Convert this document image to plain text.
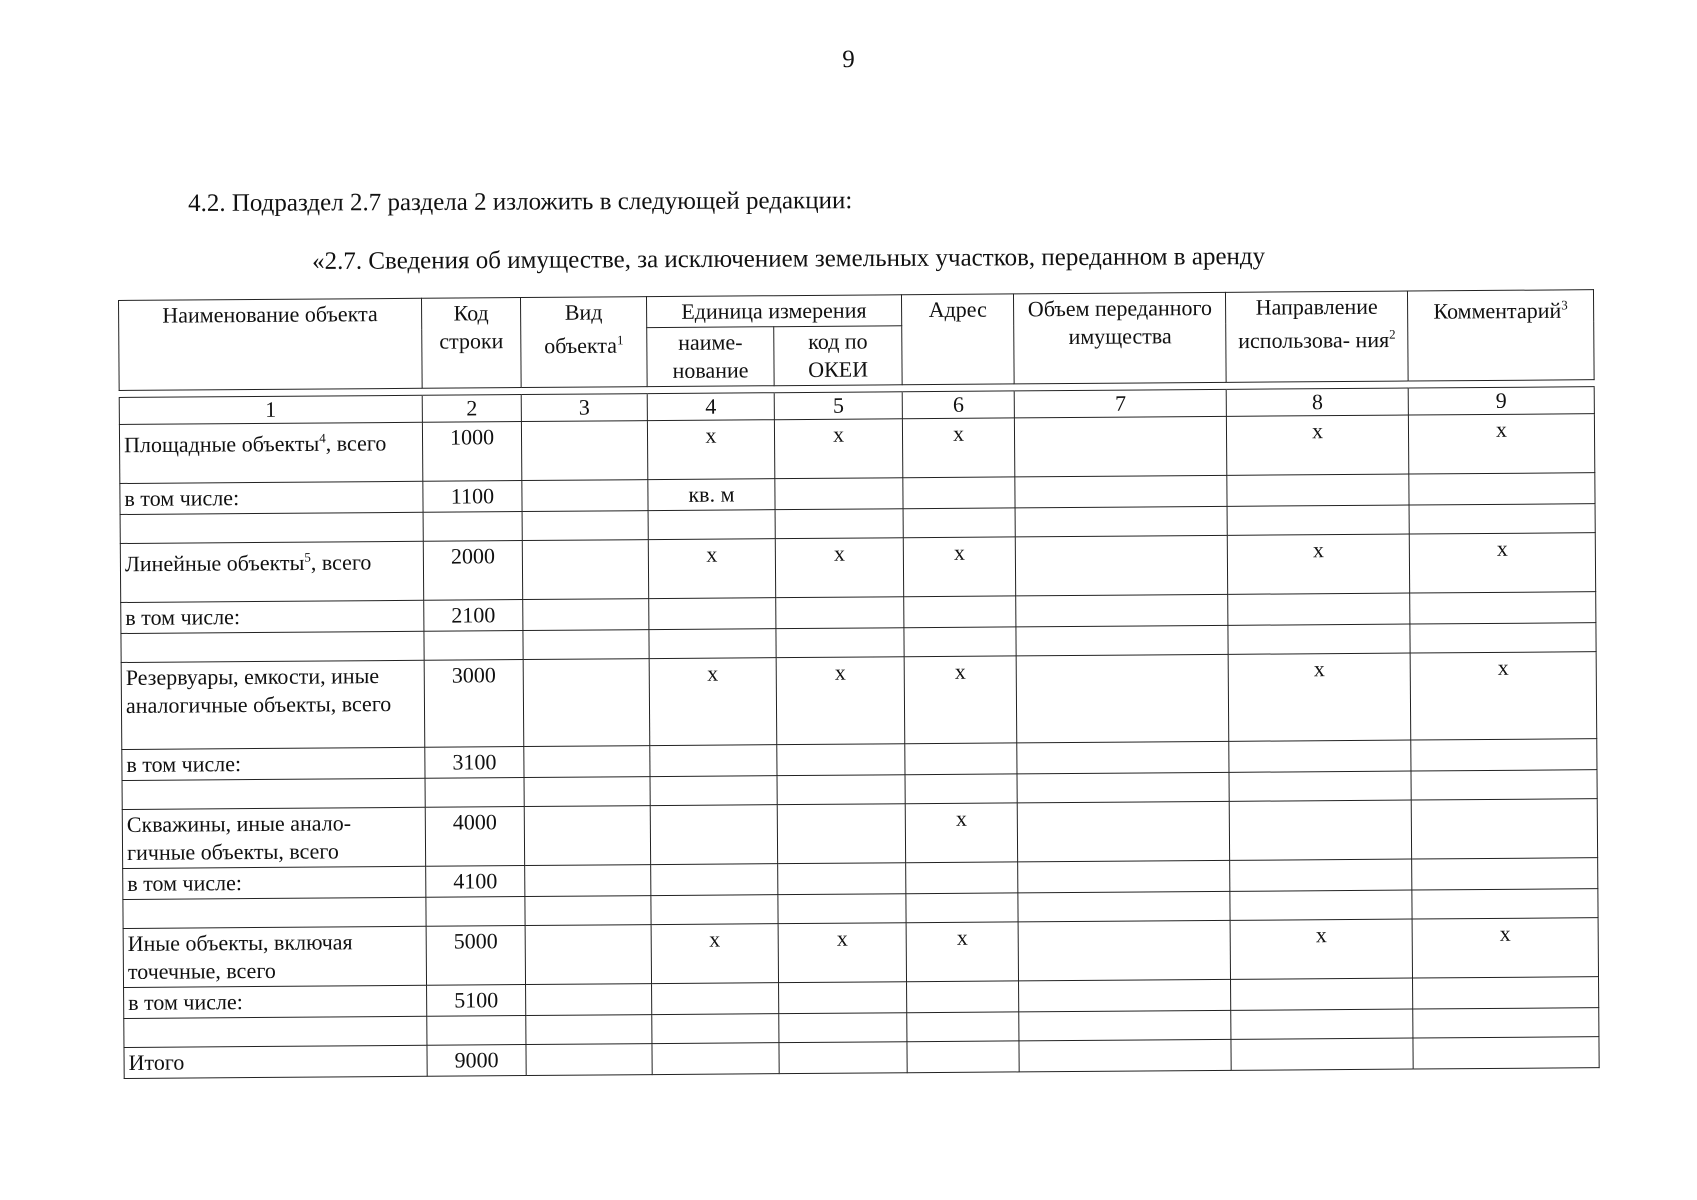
9
4.2. Подраздел 2.7 раздела 2 изложить в следующей редакции:
«2.7. Сведения об имуществе, за исключением земельных участков, переданном в аренду
Наименование объекта	Код строки	Вид объекта$^1$	Единица измерения		Адрес	Объем переданного имущества	Направление использова- ния$^2$	Комментарий$^3$
			наиме- нование	код по ОКЕИ				

1	2	3	4	5	6	7	8	9
Площадные объекты$^4$, всего	1000		x	x	x		x	x
в том числе:	1100		кв. м					

Линейные объекты$^5$, всего	2000		x	x	x		x	x
в том числе:	2100							

Резервуары, емкости, иные аналогичные объекты, всего	3000		x	x	x		x	x
в том числе:	3100							

Скважины, иные анало- гичные объекты, всего	4000				x			
в том числе:	4100							

Иные объекты, включая точечные, всего	5000		x	x	x		x	x
в том числе:	5100							

Итого	9000							
